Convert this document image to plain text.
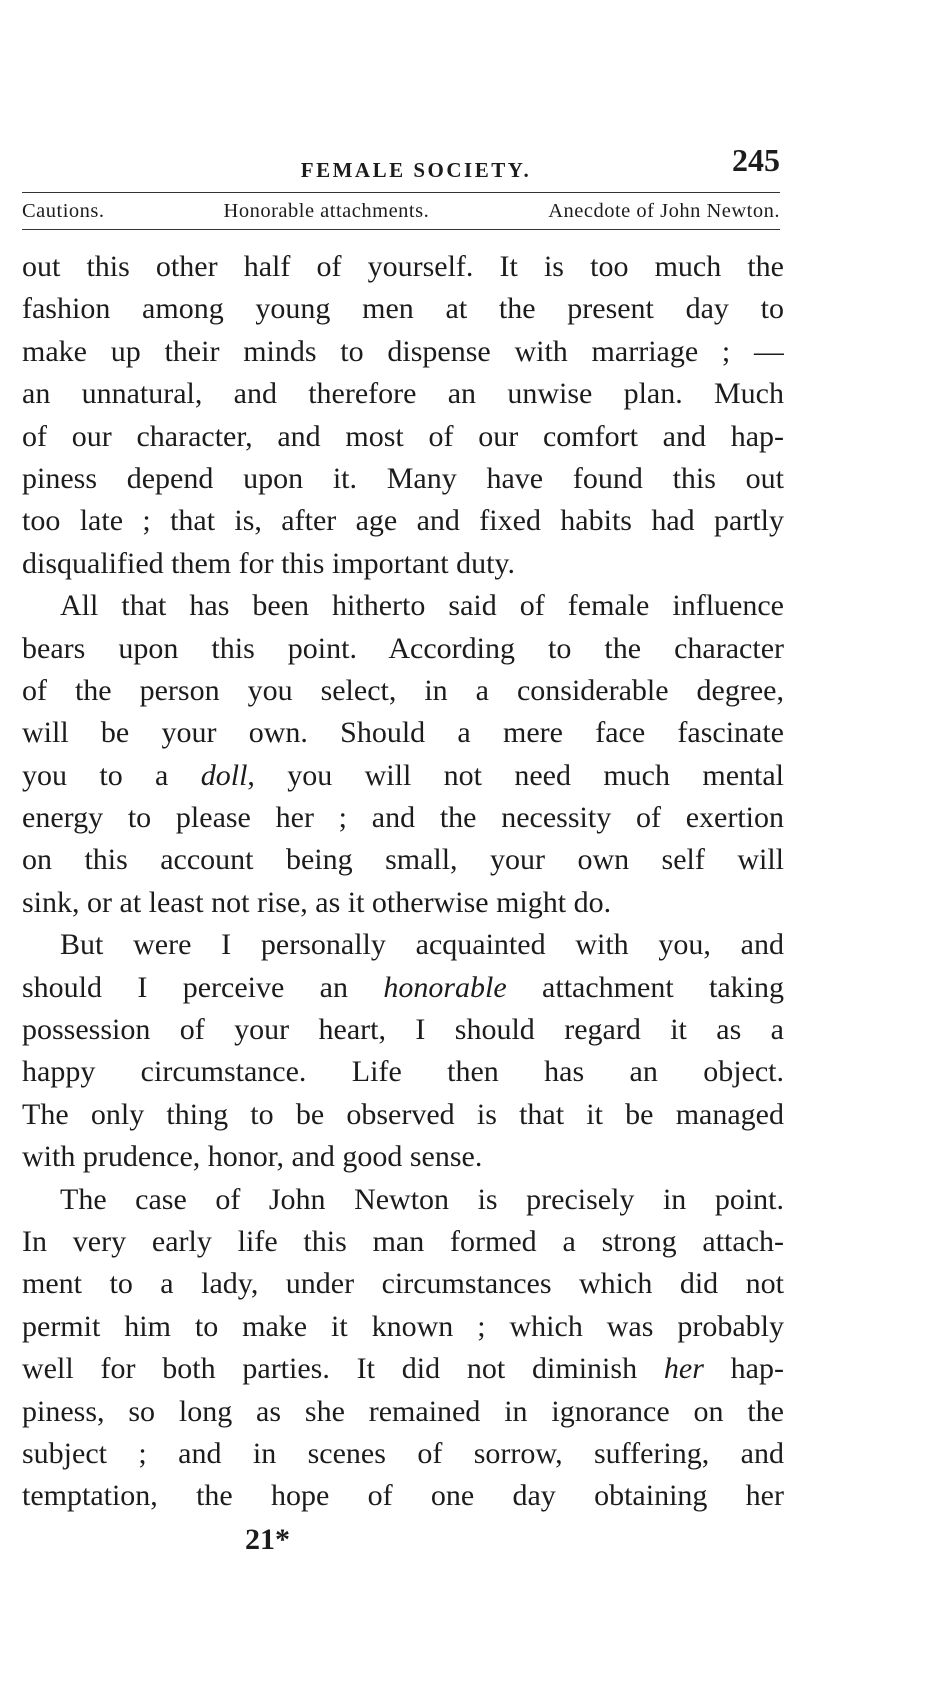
FEMALE SOCIETY.	245
Cautions.	Honorable attachments.	Anecdote of John Newton.
out this other half of yourself. It is too much the
fashion among young men at the present day to
make up their minds to dispense with marriage ; —
an unnatural, and therefore an unwise plan. Much
of our character, and most of our comfort and hap-
piness depend upon it. Many have found this out
too late ; that is, after age and fixed habits had partly
disqualified them for this important duty.
All that has been hitherto said of female influence
bears upon this point. According to the character
of the person you select, in a considerable degree,
will be your own. Should a mere face fascinate
you to a doll, you will not need much mental
energy to please her ; and the necessity of exertion
on this account being small, your own self will
sink, or at least not rise, as it otherwise might do.
But were I personally acquainted with you, and
should I perceive an honorable attachment taking
possession of your heart, I should regard it as a
happy circumstance. Life then has an object.
The only thing to be observed is that it be managed
with prudence, honor, and good sense.
The case of John Newton is precisely in point.
In very early life this man formed a strong attach-
ment to a lady, under circumstances which did not
permit him to make it known ; which was probably
well for both parties. It did not diminish her hap-
piness, so long as she remained in ignorance on the
subject ; and in scenes of sorrow, suffering, and
temptation, the hope of one day obtaining her
21*
